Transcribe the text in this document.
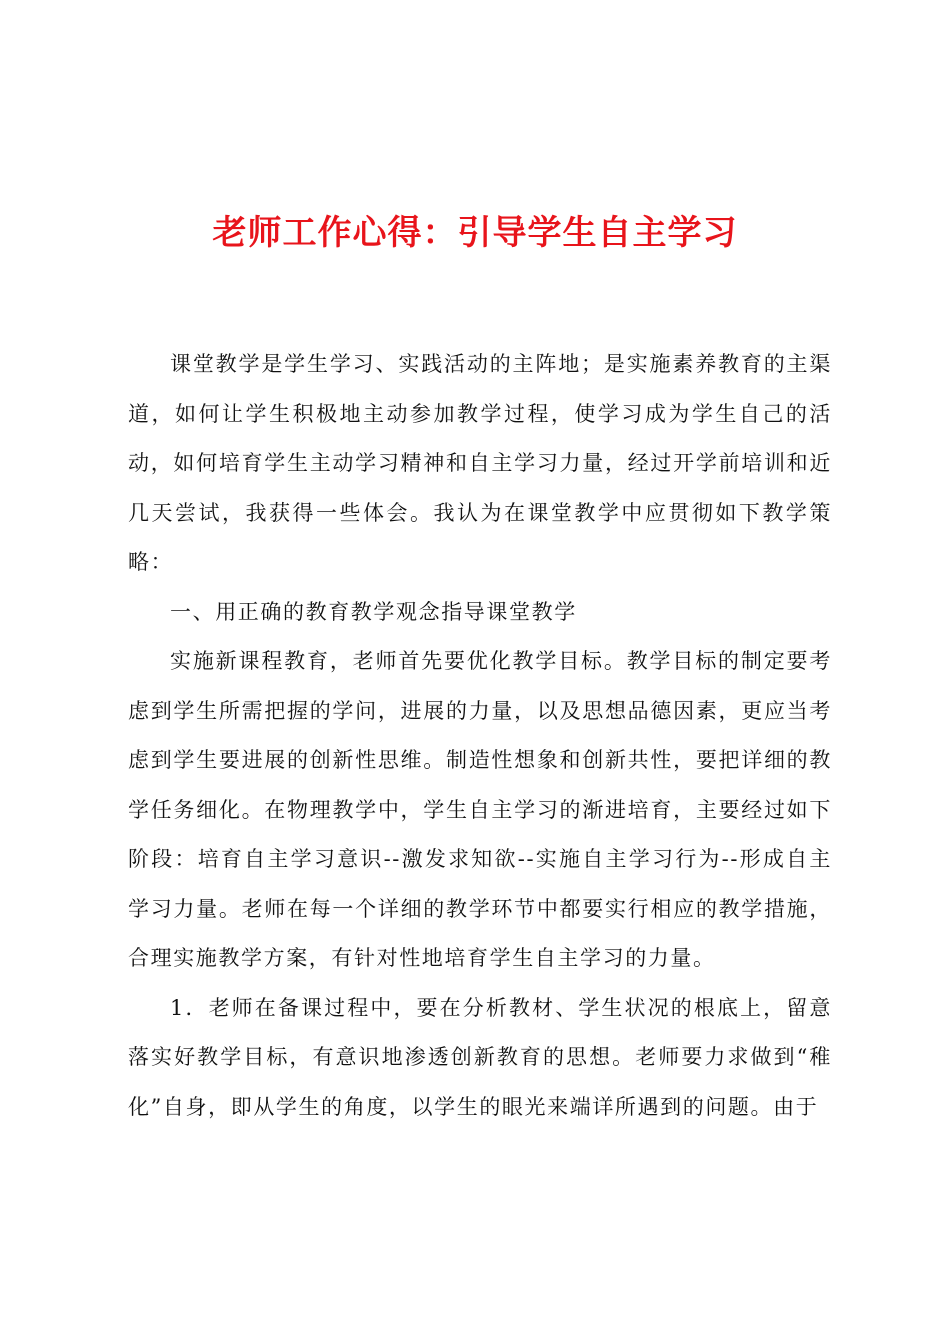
老师工作心得：引导学生自主学习

课堂教学是学生学习、实践活动的主阵地；是实施素养教育的主渠道，如何让学生积极地主动参加教学过程，使学习成为学生自己的活动，如何培育学生主动学习精神和自主学习力量，经过开学前培训和近几天尝试，我获得一些体会。我认为在课堂教学中应贯彻如下教学策略：

一、用正确的教育教学观念指导课堂教学

实施新课程教育，老师首先要优化教学目标。教学目标的制定要考虑到学生所需把握的学问，进展的力量，以及思想品德因素，更应当考虑到学生要进展的创新性思维。制造性想象和创新共性，要把详细的教学任务细化。在物理教学中，学生自主学习的渐进培育，主要经过如下阶段：培育自主学习意识--激发求知欲--实施自主学习行为--形成自主学习力量。老师在每一个详细的教学环节中都要实行相应的教学措施，合理实施教学方案，有针对性地培育学生自主学习的力量。

1．老师在备课过程中，要在分析教材、学生状况的根底上，留意落实好教学目标，有意识地渗透创新教育的思想。老师要力求做到“稚化”自身，即从学生的角度，以学生的眼光来端详所遇到的问题。由于
